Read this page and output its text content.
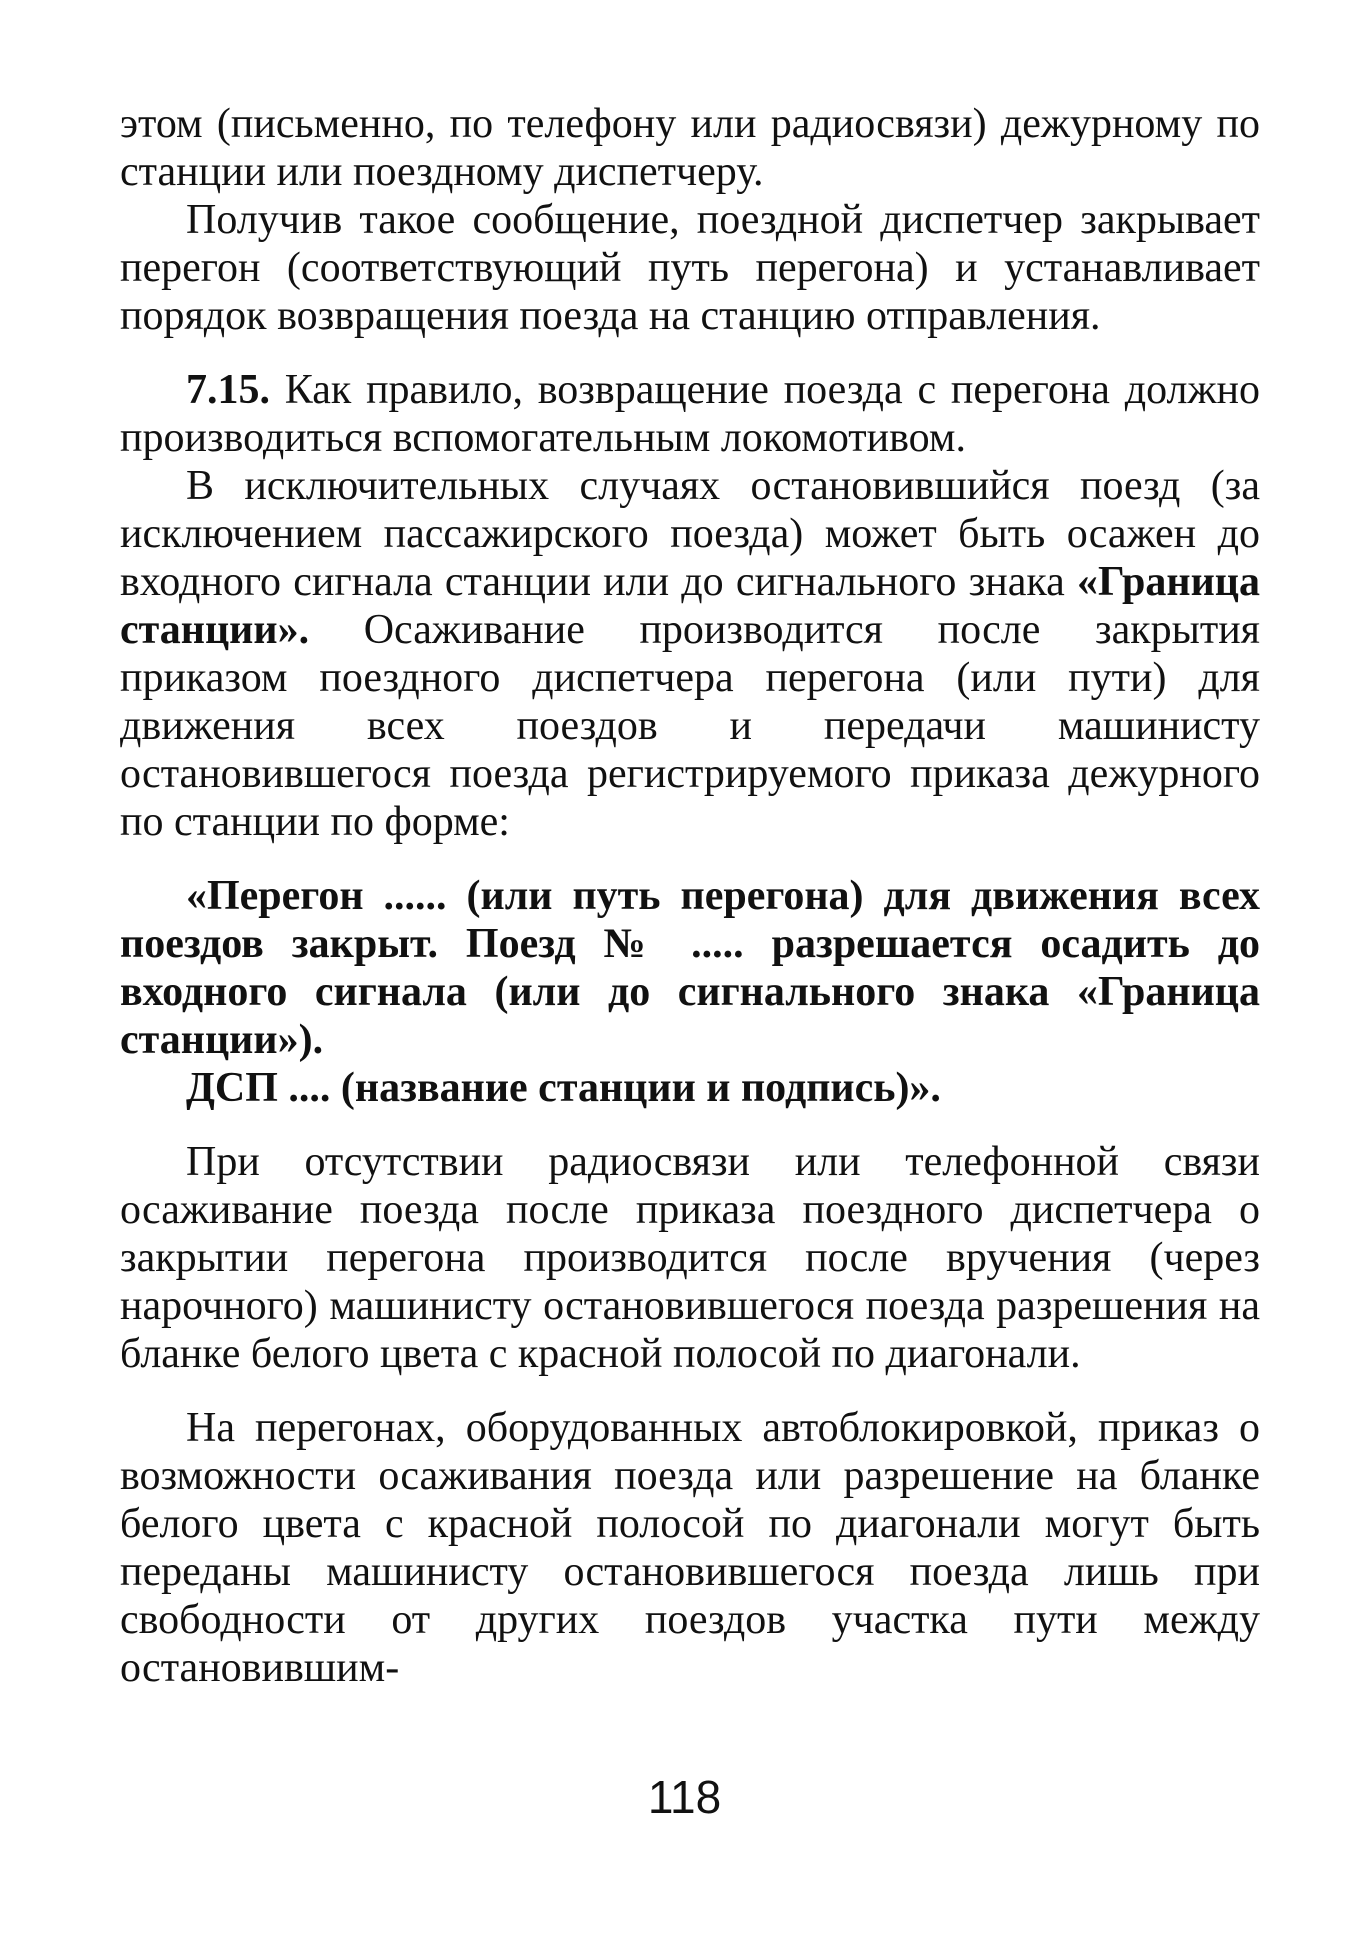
этом (письменно, по телефону или радиосвязи) дежурному по станции или поездному диспетчеру.

Получив такое сообщение, поездной диспетчер закрывает перегон (соответствующий путь перегона) и устанавливает порядок возвращения поезда на станцию отправления.

7.15. Как правило, возвращение поезда с перегона должно производиться вспомогательным локомотивом.

В исключительных случаях остановившийся поезд (за исключением пассажирского поезда) может быть осажен до входного сигнала станции или до сигнального знака «Граница станции». Осаживание производится после закрытия приказом поездного диспетчера перегона (или пути) для движения всех поездов и передачи машинисту остановившегося поезда регистрируемого приказа дежурного по станции по форме:

«Перегон ...... (или путь перегона) для движения всех поездов закрыт. Поезд № ..... разрешается осадить до входного сигнала (или до сигнального знака «Граница станции»).

ДСП .... (название станции и подпись)».

При отсутствии радиосвязи или телефонной связи осаживание поезда после приказа поездного диспетчера о закрытии перегона производится после вручения (через нарочного) машинисту остановившегося поезда разрешения на бланке белого цвета с красной полосой по диагонали.

На перегонах, оборудованных автоблокировкой, приказ о возможности осаживания поезда или разрешение на бланке белого цвета с красной полосой по диагонали могут быть переданы машинисту остановившегося поезда лишь при свободности от других поездов участка пути между остановившим-

118
